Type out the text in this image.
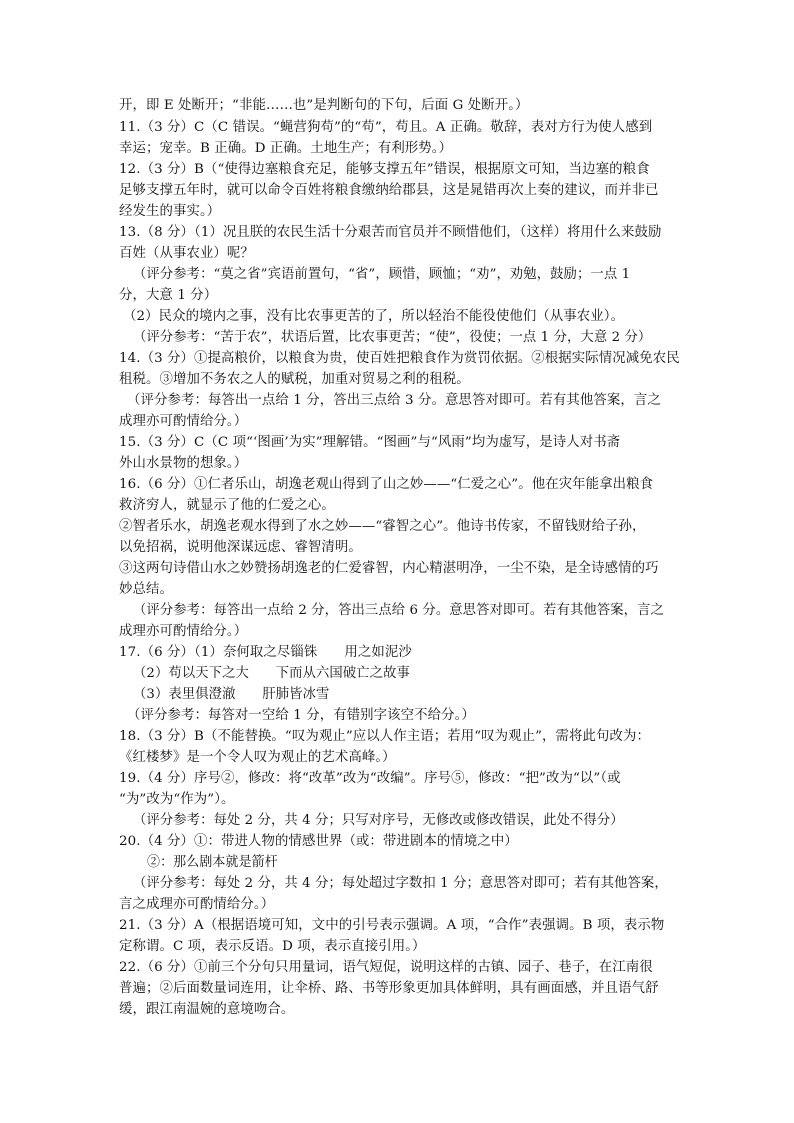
开，即 E 处断开；“非能……也”是判断句的下句，后面 G 处断开。）
11.（3 分）C（C 错误。“蝇营狗苟”的“苟”，苟且。A 正确。敬辞，表对方行为使人感到
幸运；宠幸。B 正确。D 正确。土地生产；有利形势。）
12.（3 分）B（“使得边塞粮食充足，能够支撑五年”错误，根据原文可知，当边塞的粮食
足够支撑五年时，就可以命令百姓将粮食缴纳给郡县，这是晁错再次上奏的建议，而并非已
经发生的事实。）
13.（8 分）（1）况且朕的农民生活十分艰苦而官员并不顾惜他们，（这样）将用什么来鼓励
百姓（从事农业）呢？
（评分参考：“莫之省”宾语前置句，“省”，顾惜，顾恤；“劝”，劝勉，鼓励；一点 1
分，大意 1 分）
（2）民众的境内之事，没有比农事更苦的了，所以轻治不能役使他们（从事农业）。
（评分参考：“苦于农”，状语后置，比农事更苦；“使”，役使；一点 1 分，大意 2 分）
14.（3 分）①提高粮价，以粮食为贵，使百姓把粮食作为赏罚依据。②根据实际情况减免农民
租税。③增加不务农之人的赋税，加重对贸易之利的租税。
（评分参考：每答出一点给 1 分，答出三点给 3 分。意思答对即可。若有其他答案，言之
成理亦可酌情给分。）
15.（3 分）C（C 项“‘图画’为实”理解错。“图画”与“风雨”均为虚写，是诗人对书斋
外山水景物的想象。）
16.（6 分）①仁者乐山，胡逸老观山得到了山之妙——“仁爱之心”。他在灾年能拿出粮食
救济穷人，就显示了他的仁爱之心。
②智者乐水，胡逸老观水得到了水之妙——“睿智之心”。他诗书传家，不留钱财给子孙，
以免招祸，说明他深谋远虑、睿智清明。
③这两句诗借山水之妙赞扬胡逸老的仁爱睿智，内心精湛明净，一尘不染，是全诗感情的巧
妙总结。
（评分参考：每答出一点给 2 分，答出三点给 6 分。意思答对即可。若有其他答案，言之
成理亦可酌情给分。）
17.（6 分）（1）奈何取之尽锱铢　　用之如泥沙
（2）苟以天下之大　　下而从六国破亡之故事
（3）表里俱澄澈　　肝肺皆冰雪
（评分参考：每答对一空给 1 分，有错别字该空不给分。）
18.（3 分）B（不能替换。“叹为观止”应以人作主语；若用“叹为观止”，需将此句改为：
《红楼梦》是一个令人叹为观止的艺术高峰。）
19.（4 分）序号②，修改：将“改革”改为“改编”。序号⑤，修改：“把”改为“以”（或
“为”改为“作为”）。
（评分参考：每处 2 分，共 4 分；只写对序号，无修改或修改错误，此处不得分）
20.（4 分）①：带进人物的情感世界（或：带进剧本的情境之中）
②：那么剧本就是箭杆
（评分参考：每处 2 分，共 4 分；每处超过字数扣 1 分；意思答对即可；若有其他答案，
言之成理亦可酌情给分。）
21.（3 分）A（根据语境可知，文中的引号表示强调。A 项，“合作”表强调。B 项，表示物
定称谓。C 项，表示反语。D 项，表示直接引用。）
22.（6 分）①前三个分句只用量词，语气短促，说明这样的古镇、园子、巷子，在江南很
普遍；②后面数量词连用，让伞桥、路、书等形象更加具体鲜明，具有画面感，并且语气舒
缓，跟江南温婉的意境吻合。
